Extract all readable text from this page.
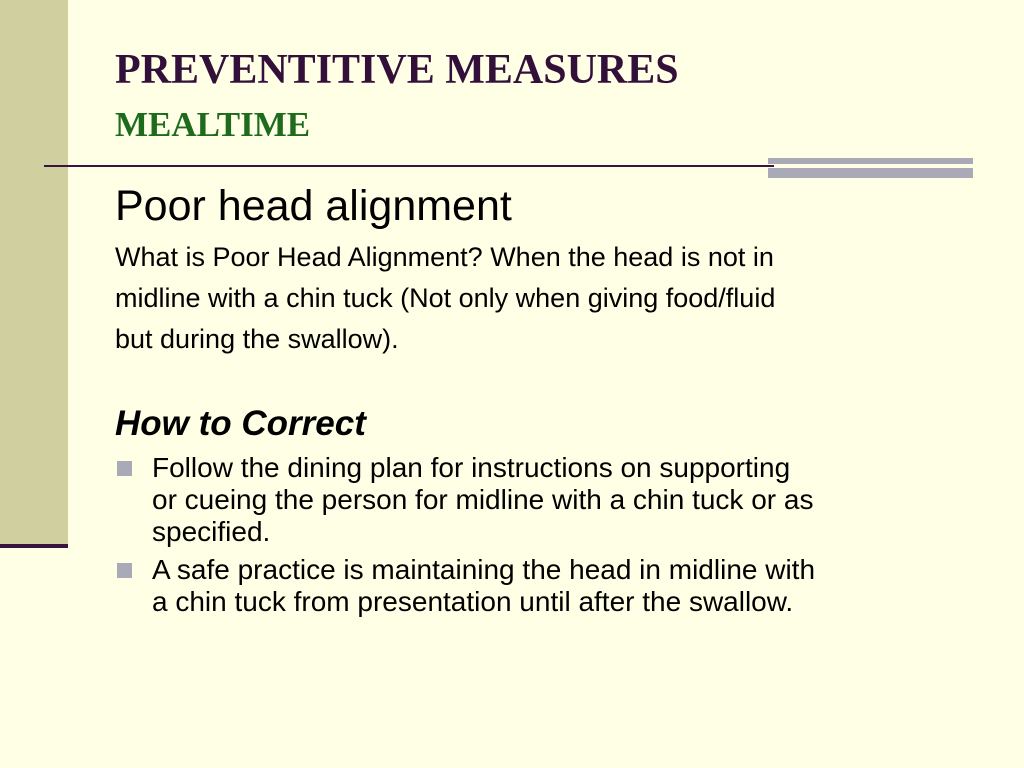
PREVENTITIVE MEASURES
MEALTIME
Poor head alignment
What is Poor Head Alignment? When the head is not in
midline with a chin tuck (Not only when giving food/fluid
but during the swallow).
How to Correct
Follow the dining plan for instructions on supporting
or cueing the person for midline with a chin tuck or as
specified.
A safe practice is maintaining the head in midline with
a chin tuck from presentation until after the swallow.
